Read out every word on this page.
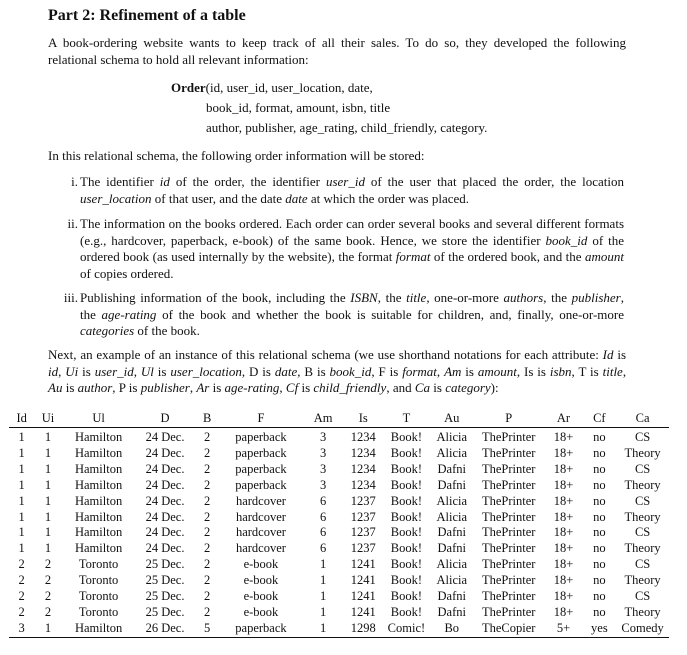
Part 2: Refinement of a table
A book-ordering website wants to keep track of all their sales. To do so, they developed the following relational schema to hold all relevant information:
Order(id, user_id, user_location, date,
book_id, format, amount, isbn, title
author, publisher, age_rating, child_friendly, category.
In this relational schema, the following order information will be stored:
i. The identifier id of the order, the identifier user_id of the user that placed the order, the location user_location of that user, and the date date at which the order was placed.
ii. The information on the books ordered. Each order can order several books and several different formats (e.g., hardcover, paperback, e-book) of the same book. Hence, we store the identifier book_id of the ordered book (as used internally by the website), the format format of the ordered book, and the amount of copies ordered.
iii. Publishing information of the book, including the ISBN, the title, one-or-more authors, the publisher, the age-rating of the book and whether the book is suitable for children, and, finally, one-or-more categories of the book.
Next, an example of an instance of this relational schema (we use shorthand notations for each attribute: Id is id, Ui is user_id, Ul is user_location, D is date, B is book_id, F is format, Am is amount, Is is isbn, T is title, Au is author, P is publisher, Ar is age-rating, Cf is child_friendly, and Ca is category):
Id	Ui	Ul	D	B	F	Am	Is	T	Au	P	Ar	Cf	Ca
1	1	Hamilton	24 Dec.	2	paperback	3	1234	Book!	Alicia	ThePrinter	18+	no	CS
1	1	Hamilton	24 Dec.	2	paperback	3	1234	Book!	Alicia	ThePrinter	18+	no	Theory
1	1	Hamilton	24 Dec.	2	paperback	3	1234	Book!	Dafni	ThePrinter	18+	no	CS
1	1	Hamilton	24 Dec.	2	paperback	3	1234	Book!	Dafni	ThePrinter	18+	no	Theory
1	1	Hamilton	24 Dec.	2	hardcover	6	1237	Book!	Alicia	ThePrinter	18+	no	CS
1	1	Hamilton	24 Dec.	2	hardcover	6	1237	Book!	Alicia	ThePrinter	18+	no	Theory
1	1	Hamilton	24 Dec.	2	hardcover	6	1237	Book!	Dafni	ThePrinter	18+	no	CS
1	1	Hamilton	24 Dec.	2	hardcover	6	1237	Book!	Dafni	ThePrinter	18+	no	Theory
2	2	Toronto	25 Dec.	2	e-book	1	1241	Book!	Alicia	ThePrinter	18+	no	CS
2	2	Toronto	25 Dec.	2	e-book	1	1241	Book!	Alicia	ThePrinter	18+	no	Theory
2	2	Toronto	25 Dec.	2	e-book	1	1241	Book!	Dafni	ThePrinter	18+	no	CS
2	2	Toronto	25 Dec.	2	e-book	1	1241	Book!	Dafni	ThePrinter	18+	no	Theory
3	1	Hamilton	26 Dec.	5	paperback	1	1298	Comic!	Bo	TheCopier	5+	yes	Comedy
